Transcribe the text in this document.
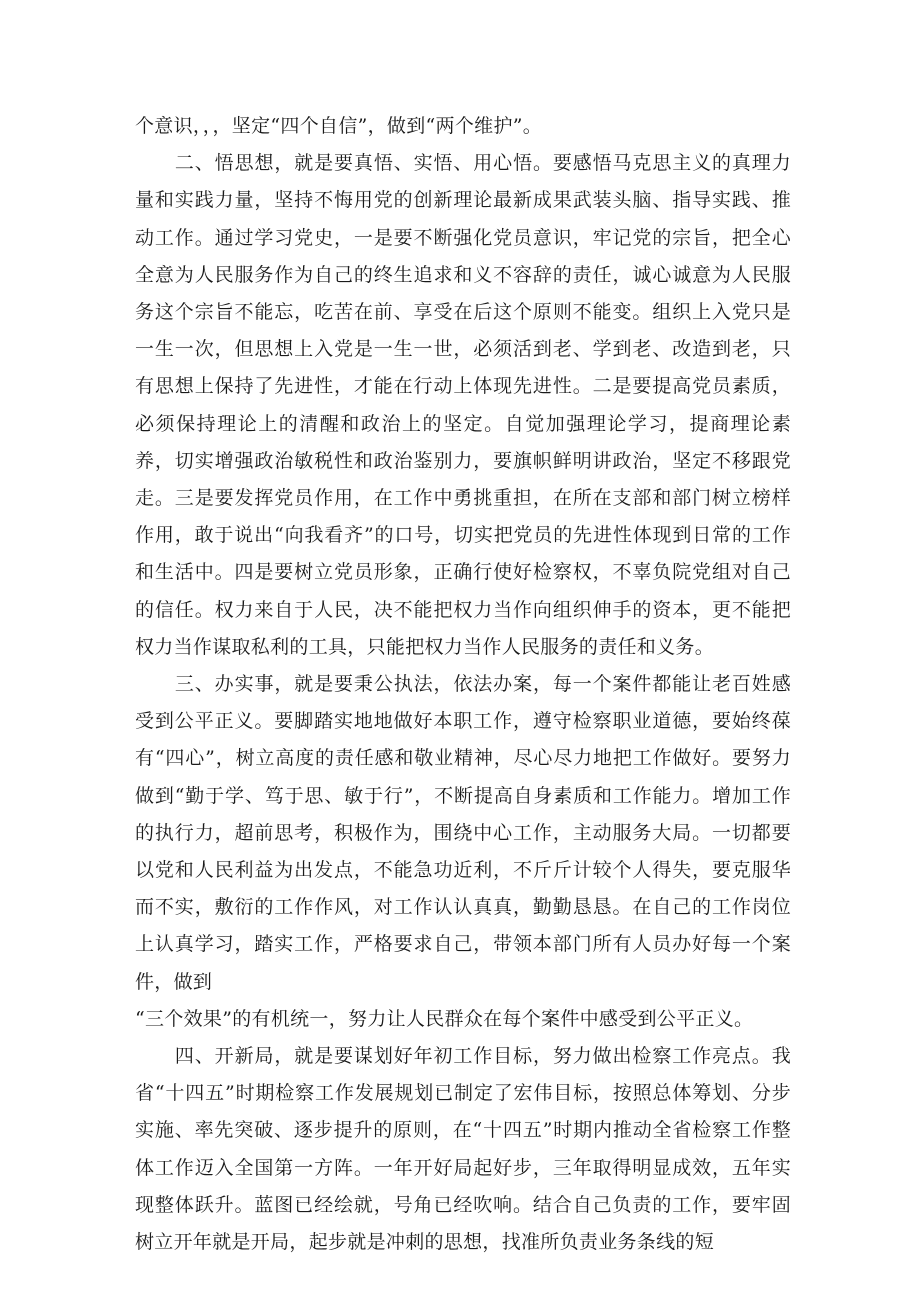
个意识，，，坚定“四个自信”，做到“两个维护”。

二、悟思想，就是要真悟、实悟、用心悟。要感悟马克思主义的真理力量和实践力量，坚持不悔用党的创新理论最新成果武装头脑、指导实践、推动工作。通过学习党史，一是要不断强化党员意识，牢记党的宗旨，把全心全意为人民服务作为自己的终生追求和义不容辞的责任，诚心诚意为人民服务这个宗旨不能忘，吃苦在前、享受在后这个原则不能变。组织上入党只是一生一次，但思想上入党是一生一世，必须活到老、学到老、改造到老，只有思想上保持了先进性，才能在行动上体现先进性。二是要提高党员素质，必须保持理论上的清醒和政治上的坚定。自觉加强理论学习，提商理论素养，切实增强政治敏税性和政治鉴别力，要旗帜鲜明讲政治，坚定不移跟党走。三是要发挥党员作用，在工作中勇挑重担，在所在支部和部门树立榜样作用，敢于说出“向我看齐”的口号，切实把党员的先进性体现到日常的工作和生活中。四是要树立党员形象，正确行使好检察权，不辜负院党组对自己的信任。权力来自于人民，决不能把权力当作向组织伸手的资本，更不能把权力当作谋取私利的工具，只能把权力当作人民服务的责任和义务。

三、办实事，就是要秉公执法，依法办案，每一个案件都能让老百姓感受到公平正义。要脚踏实地地做好本职工作，遵守检察职业道德，要始终葆有“四心”，树立高度的责任感和敬业精神，尽心尽力地把工作做好。要努力做到“勤于学、笃于思、敏于行”，不断提高自身素质和工作能力。增加工作的执行力，超前思考，积极作为，围绕中心工作，主动服务大局。一切都要以党和人民利益为出发点，不能急功近利，不斤斤计较个人得失，要克服华而不实，敷衍的工作作风，对工作认认真真，勤勤恳恳。在自己的工作岗位上认真学习，踏实工作，严格要求自己，带领本部门所有人员办好每一个案件，做到

“三个效果”的有机统一，努力让人民群众在每个案件中感受到公平正义。

四、开新局，就是要谋划好年初工作目标，努力做出检察工作亮点。我省“十四五”时期检察工作发展规划已制定了宏伟目标，按照总体筹划、分步实施、率先突破、逐步提升的原则，在“十四五”时期内推动全省检察工作整体工作迈入全国第一方阵。一年开好局起好步，三年取得明显成效，五年实现整体跃升。蓝图已经绘就，号角已经吹响。结合自己负责的工作，要牢固树立开年就是开局，起步就是冲刺的思想，找准所负责业务条线的短
